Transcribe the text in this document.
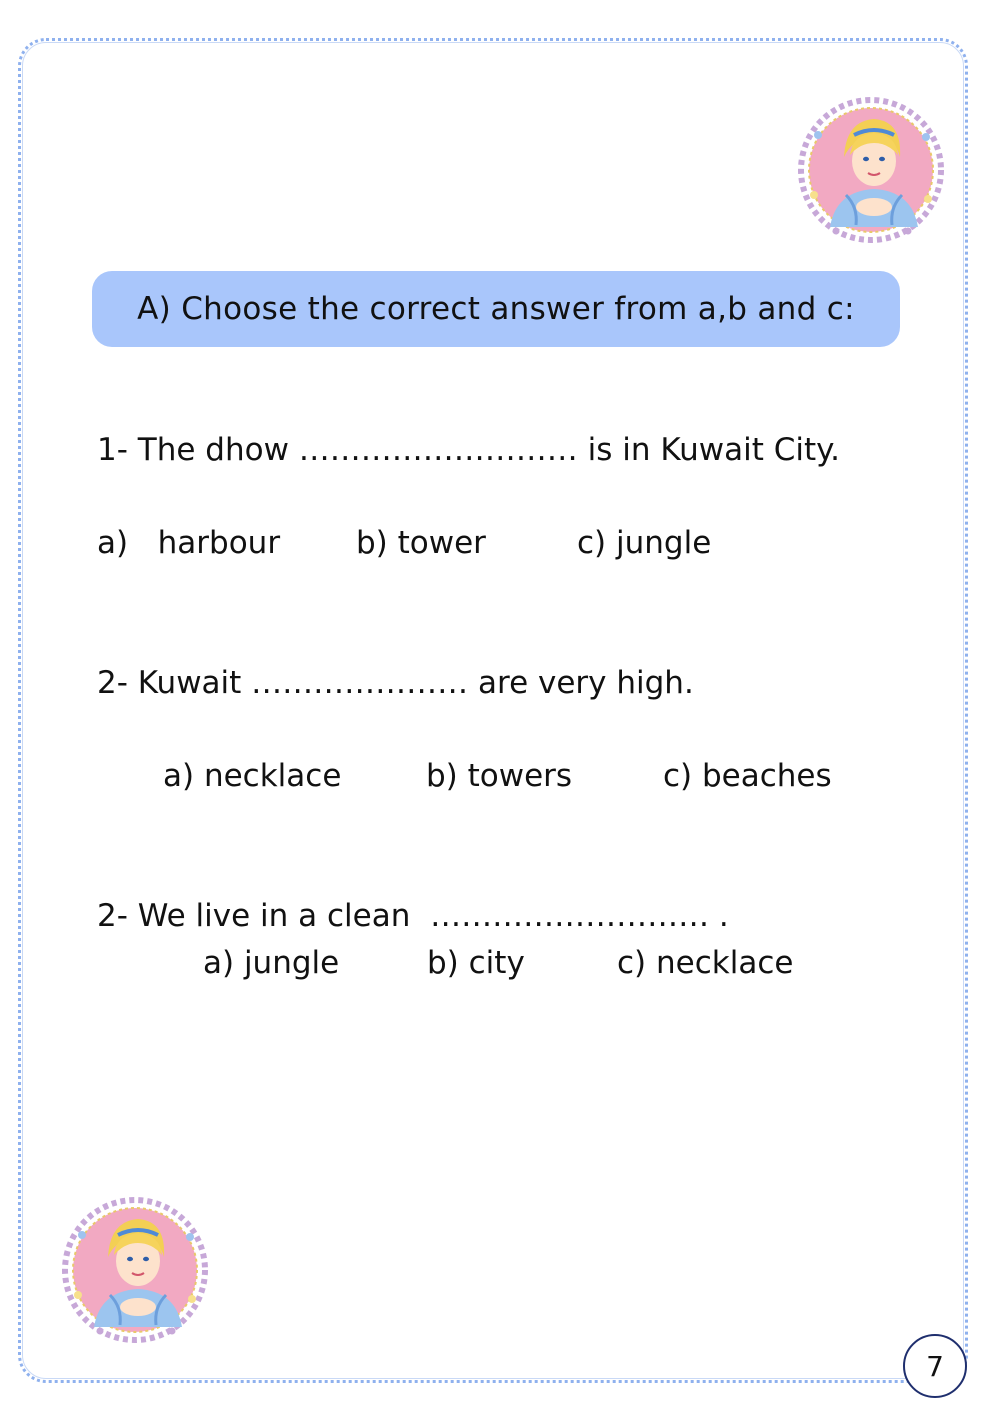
A) Choose the correct answer from a,b and c:
1- The dhow ……………………… is in Kuwait City.
a)   harbour b) tower	c) jungle
2- Kuwait ………………… are very high.
a) necklace	b) towers	c) beaches
2- We live in a clean  ……………………… .
a) jungle	b) city	c) necklace
7
